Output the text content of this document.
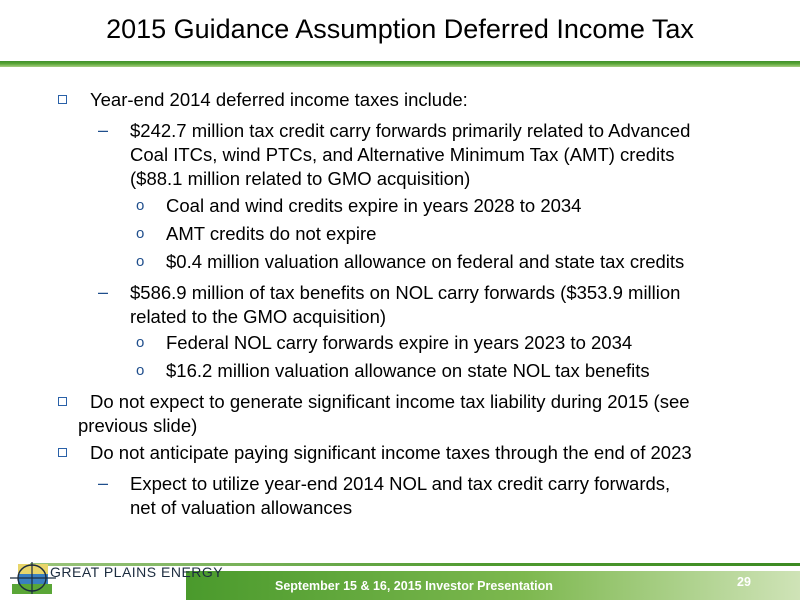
2015 Guidance Assumption Deferred Income Tax
Year-end 2014 deferred income taxes include:
– $242.7 million tax credit carry forwards primarily related to Advanced
Coal ITCs, wind PTCs, and Alternative Minimum Tax (AMT) credits
($88.1 million related to GMO acquisition)
o Coal and wind credits expire in years 2028 to 2034
o AMT credits do not expire
o $0.4 million valuation allowance on federal and state tax credits
– $586.9 million of tax benefits on NOL carry forwards ($353.9 million
related to the GMO acquisition)
o Federal NOL carry forwards expire in years 2023 to 2034
o $16.2 million valuation allowance on state NOL tax benefits
Do not expect to generate significant income tax liability during 2015 (see
previous slide)
Do not anticipate paying significant income taxes through the end of 2023
– Expect to utilize year-end 2014 NOL and tax credit carry forwards,
net of valuation allowances
GREAT PLAINS ENERGY
September 15 & 16, 2015 Investor Presentation	29
